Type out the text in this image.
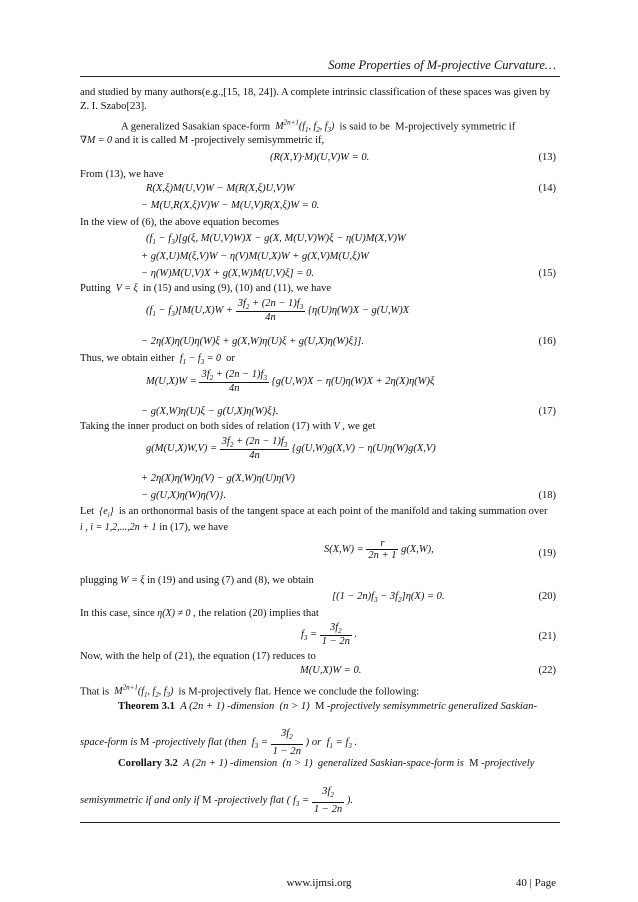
Some Properties of M-projective Curvature…
and studied by many authors(e.g.,[15, 18, 24]). A complete intrinsic classification of these spaces was given by
Z. I. Szabo[23].
A generalized Sasakian space-form  $M^{2n+1}(f_1$, $f_2$, $f_3$)  is said to be  M-projectively symmetric if
∇M = 0 and it is called M -projectively semisymmetric if,
(R(X,Y)·M)(U,V)W = 0.	(13)
From (13), we have
R(X,ξ)M(U,V)W − M(R(X,ξ)U,V)W	(14)
− M(U,R(X,ξ)V)W − M(U,V)R(X,ξ)W = 0.
In the view of (6), the above equation becomes
$(f_1 - f_3)[g(\xi$, M(U,V)W)X − g(X, M(U,V)W)ξ − η(U)M(X,V)W
+ g(X,U)M(ξ,V)W − η(V)M(U,X)W + g(X,V)M(U,ξ)W
− η(W)M(U,V)X + g(X,W)M(U,V)ξ] = 0.	(15)
Putting  V = ξ  in (15) and using (9), (10) and (11), we have
$(f_1 - f_3)[M(U,X)W + \frac{3f_2 + (2n - 1)f_3}{4n} \{\eta(U)\eta(W)X - g(U,W)X$
− 2η(X)η(U)η(W)ξ + g(X,W)η(U)ξ + g(U,X)η(W)ξ}].	(16)
Thus, we obtain either  $f_1 - f_3 = 0$  or
$M(U,X)W = \frac{3f_2 + (2n - 1)f_3}{4n} \{g(U,W)X - \eta(U)\eta(W)X + 2\eta(X)\eta(W)\xi$
− g(X,W)η(U)ξ − g(U,X)η(W)ξ}.	(17)
Taking the inner product on both sides of relation (17) with V , we get
$g(M(U,X)W,V) = \frac{3f_2 + (2n - 1)f_3}{4n} \{g(U,W)g(X,V) - \eta(U)\eta(W)g(X,V)$
+ 2η(X)η(W)η(V) − g(X,W)η(U)η(V)
− g(U,X)η(W)η(V)}.	(18)
Let  $\{e_i\}$  is an orthonormal basis of the tangent space at each point of the manifold and taking summation over
i , i = 1,2,...,2n + 1 in (17), we have
$S(X,W) = \frac{r}{2n + 1} g(X,W)$,	(19)
plugging W = ξ in (19) and using (7) and (8), we obtain
$[(1 - 2n)f_3 - 3f_2]\eta(X) = 0$.	(20)
In this case, since η(X) ≠ 0 , the relation (20) implies that
$f_3 = \frac{3f_2}{1 - 2n}$ .	(21)
Now, with the help of (21), the equation (17) reduces to
M(U,X)W = 0.	(22)
That is  $M^{2n+1}(f_1$, $f_2$, $f_3$)  is M-projectively flat. Hence we conclude the following:
Theorem 3.1  A (2n + 1) -dimension  (n > 1)  M -projectively semisymmetric generalized Saskian-
space-form is M -projectively flat (then  $f_3 = \frac{3f_2}{1 - 2n}$ ) or  $f_1 = f_3$ .
Corollary 3.2  A (2n + 1) -dimension  (n > 1)  generalized Saskian-space-form is  M -projectively
semisymmetric if and only if M -projectively flat ( $f_3 = \frac{3f_2}{1 - 2n}$ ).
www.ijmsi.org	40 | Page
